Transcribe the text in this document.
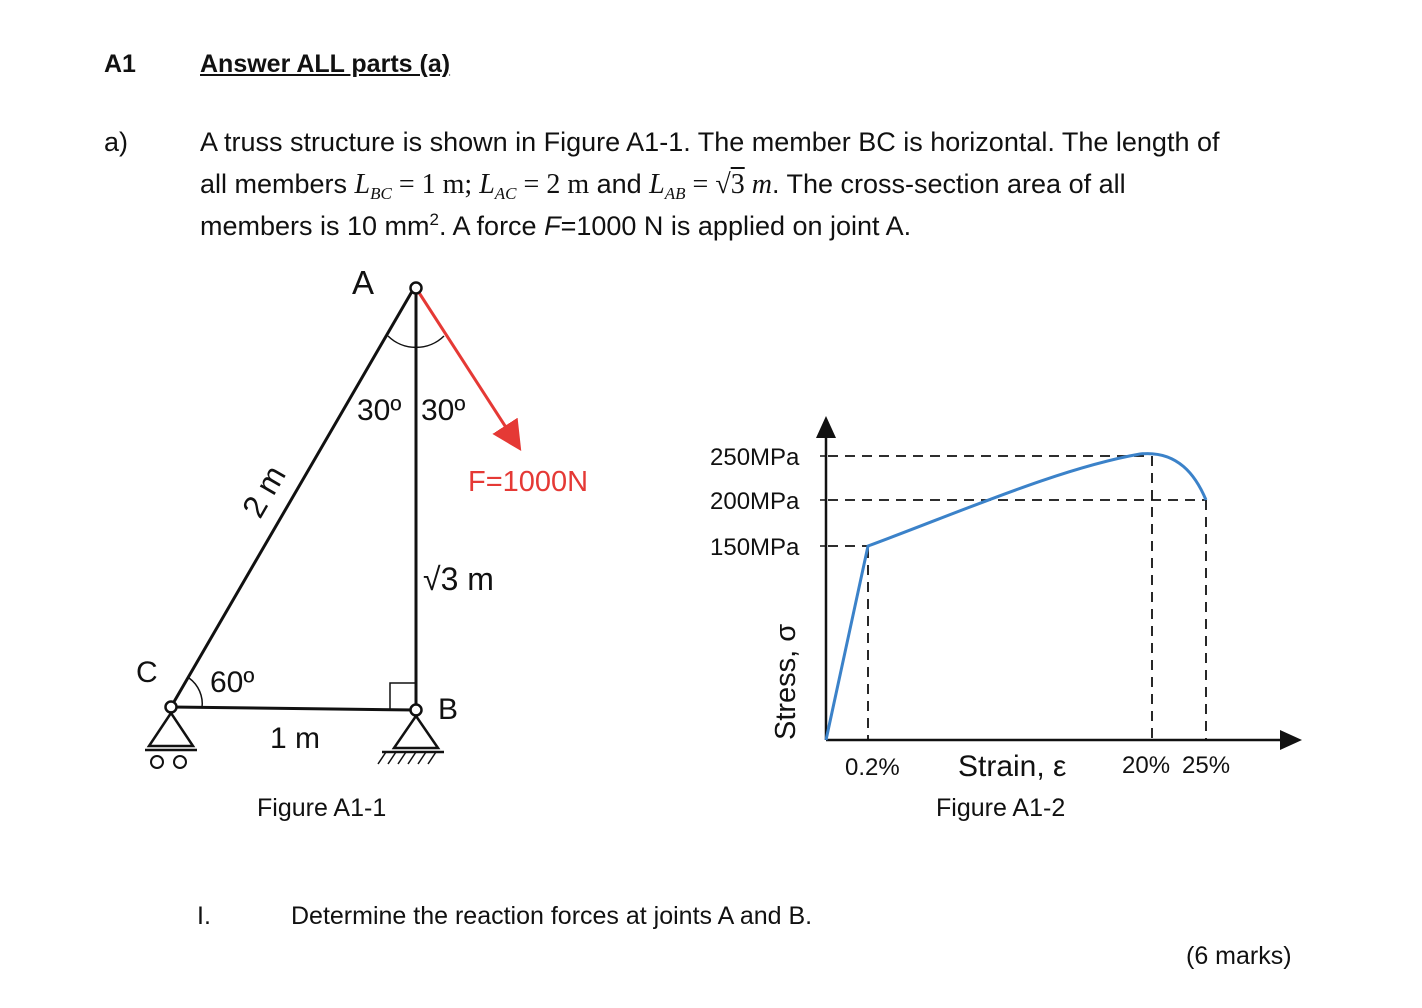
A1	Answer ALL parts (a)
a)	A truss structure is shown in Figure A1-1. The member BC is horizontal. The length of
all members $L_{BC} = 1$ m; $L_{AC} = 2$ m and $L_{AB} = √3$ m. The cross-section area of all
members is 10 $mm^2$. A force F=1000 N is applied on joint A.
A
C
B
30º 30º
60º
2 m
1 m
√3 m
F=1000N
Figure A1-1
250MPa
200MPa
150MPa
0.2%	20% 25%
Strain, ε
Stress, σ
Figure A1-2
I.	Determine the reaction forces at joints A and B.
(6 marks)
